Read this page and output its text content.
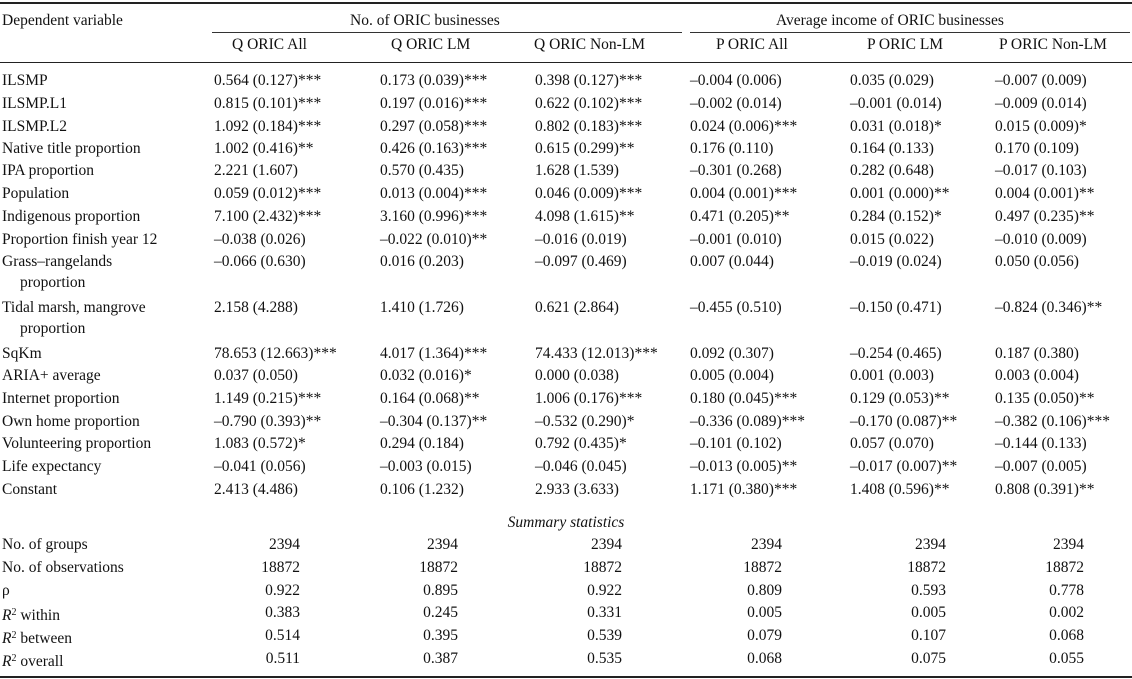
Dependent variable	No. of ORIC businesses	Average income of ORIC businesses
Q ORIC All	Q ORIC LM	Q ORIC Non-LM	P ORIC All	P ORIC LM	P ORIC Non-LM
ILSMP	0.564 (0.127)***	0.173 (0.039)***	0.398 (0.127)***	–0.004 (0.006)	0.035 (0.029)	–0.007 (0.009)
ILSMP.L1	0.815 (0.101)***	0.197 (0.016)***	0.622 (0.102)***	–0.002 (0.014)	–0.001 (0.014)	–0.009 (0.014)
ILSMP.L2	1.092 (0.184)***	0.297 (0.058)***	0.802 (0.183)***	0.024 (0.006)***	0.031 (0.018)*	0.015 (0.009)*
Native title proportion	1.002 (0.416)**	0.426 (0.163)***	0.615 (0.299)**	0.176 (0.110)	0.164 (0.133)	0.170 (0.109)
IPA proportion	2.221 (1.607)	0.570 (0.435)	1.628 (1.539)	–0.301 (0.268)	0.282 (0.648)	–0.017 (0.103)
Population	0.059 (0.012)***	0.013 (0.004)***	0.046 (0.009)***	0.004 (0.001)***	0.001 (0.000)**	0.004 (0.001)**
Indigenous proportion	7.100 (2.432)***	3.160 (0.996)***	4.098 (1.615)**	0.471 (0.205)**	0.284 (0.152)*	0.497 (0.235)**
Proportion finish year 12	–0.038 (0.026)	–0.022 (0.010)**	–0.016 (0.019)	–0.001 (0.010)	0.015 (0.022)	–0.010 (0.009)
Grass–rangelands
proportion
–0.066 (0.630)	0.016 (0.203)	–0.097 (0.469)	0.007 (0.044)	–0.019 (0.024)	0.050 (0.056)
Tidal marsh, mangrove
proportion
2.158 (4.288)	1.410 (1.726)	0.621 (2.864)	–0.455 (0.510)	–0.150 (0.471)	–0.824 (0.346)**
SqKm	78.653 (12.663)***	4.017 (1.364)***	74.433 (12.013)*** 0.092 (0.307)	–0.254 (0.465)	0.187 (0.380)
ARIA+ average	0.037 (0.050)	0.032 (0.016)*	0.000 (0.038)	0.005 (0.004)	0.001 (0.003)	0.003 (0.004)
Internet proportion	1.149 (0.215)***	0.164 (0.068)**	1.006 (0.176)***	0.180 (0.045)***	0.129 (0.053)**	0.135 (0.050)**
Own home proportion	–0.790 (0.393)**	–0.304 (0.137)**	–0.532 (0.290)*	–0.336 (0.089)***	–0.170 (0.087)** –0.382 (0.106)***
Volunteering proportion	1.083 (0.572)*	0.294 (0.184)	0.792 (0.435)*	–0.101 (0.102)	0.057 (0.070)	–0.144 (0.133)
Life expectancy	–0.041 (0.056)	–0.003 (0.015)	–0.046 (0.045)	–0.013 (0.005)**	–0.017 (0.007)** –0.007 (0.005)
Constant	2.413 (4.486)	0.106 (1.232)	2.933 (3.633)	1.171 (0.380)***	1.408 (0.596)**	0.808 (0.391)**
Summary statistics
No. of groups	2394	2394	2394	2394	2394	2394
No. of observations	18872	18872	18872	18872	18872	18872
ρ	0.922	0.895	0.922	0.809	0.593	0.778
$R^2$ within	0.383	0.245	0.331	0.005	0.005	0.002
$R^2$ between	0.514	0.395	0.539	0.079	0.107	0.068
$R^2$ overall	0.511	0.387	0.535	0.068	0.075	0.055
